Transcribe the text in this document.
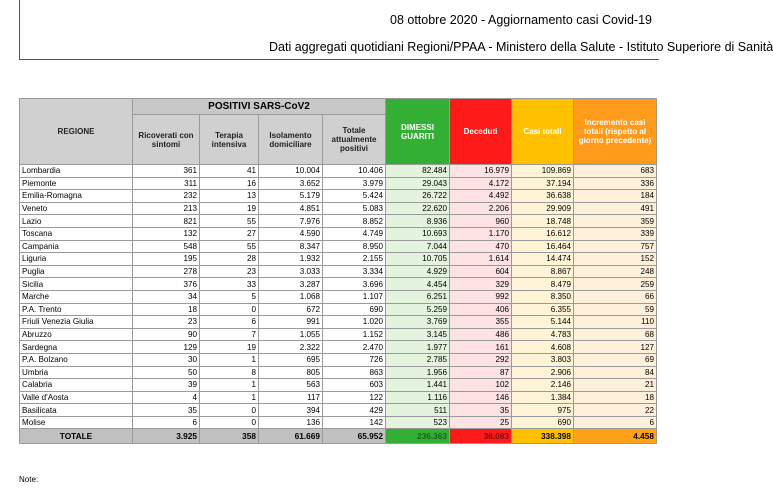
08 ottobre 2020 - Aggiornamento casi Covid-19
Dati aggregati quotidiani Regioni/PPAA - Ministero della Salute - Istituto Superiore di Sanità
REGIONE	POSITIVI SARS-CoV2				DIMESSI GUARITI	Deceduti	Casi totali	Incremento casi totali (rispetto al giorno precedente)
	Ricoverati con sintomi	Terapia intensiva	Isolamento domiciliare	Totale attualmente positivi				
Lombardia	361	41	10.004	10.406	82.484	16.979	109.869	683
Piemonte	311	16	3.652	3.979	29.043	4.172	37.194	336
Emilia-Romagna	232	13	5.179	5.424	26.722	4.492	36.638	184
Veneto	213	19	4.851	5.083	22.620	2.206	29.909	491
Lazio	821	55	7.976	8.852	8.936	960	18.748	359
Toscana	132	27	4.590	4.749	10.693	1.170	16.612	339
Campania	548	55	8.347	8.950	7.044	470	16.464	757
Liguria	195	28	1.932	2.155	10.705	1.614	14.474	152
Puglia	278	23	3.033	3.334	4.929	604	8.867	248
Sicilia	376	33	3.287	3.696	4.454	329	8.479	259
Marche	34	5	1.068	1.107	6.251	992	8.350	66
P.A. Trento	18	0	672	690	5.259	406	6.355	59
Friuli Venezia Giulia	23	6	991	1.020	3.769	355	5.144	110
Abruzzo	90	7	1.055	1.152	3.145	486	4.783	68
Sardegna	129	19	2.322	2.470	1.977	161	4.608	127
P.A. Bolzano	30	1	695	726	2.785	292	3.803	69
Umbria	50	8	805	863	1.956	87	2.906	84
Calabria	39	1	563	603	1.441	102	2.146	21
Valle d'Aosta	4	1	117	122	1.116	146	1.384	18
Basilicata	35	0	394	429	511	35	975	22
Molise	6	0	136	142	523	25	690	6
TOTALE	3.925	358	61.669	65.952	236.363	36.083	338.398	4.458
Note:
